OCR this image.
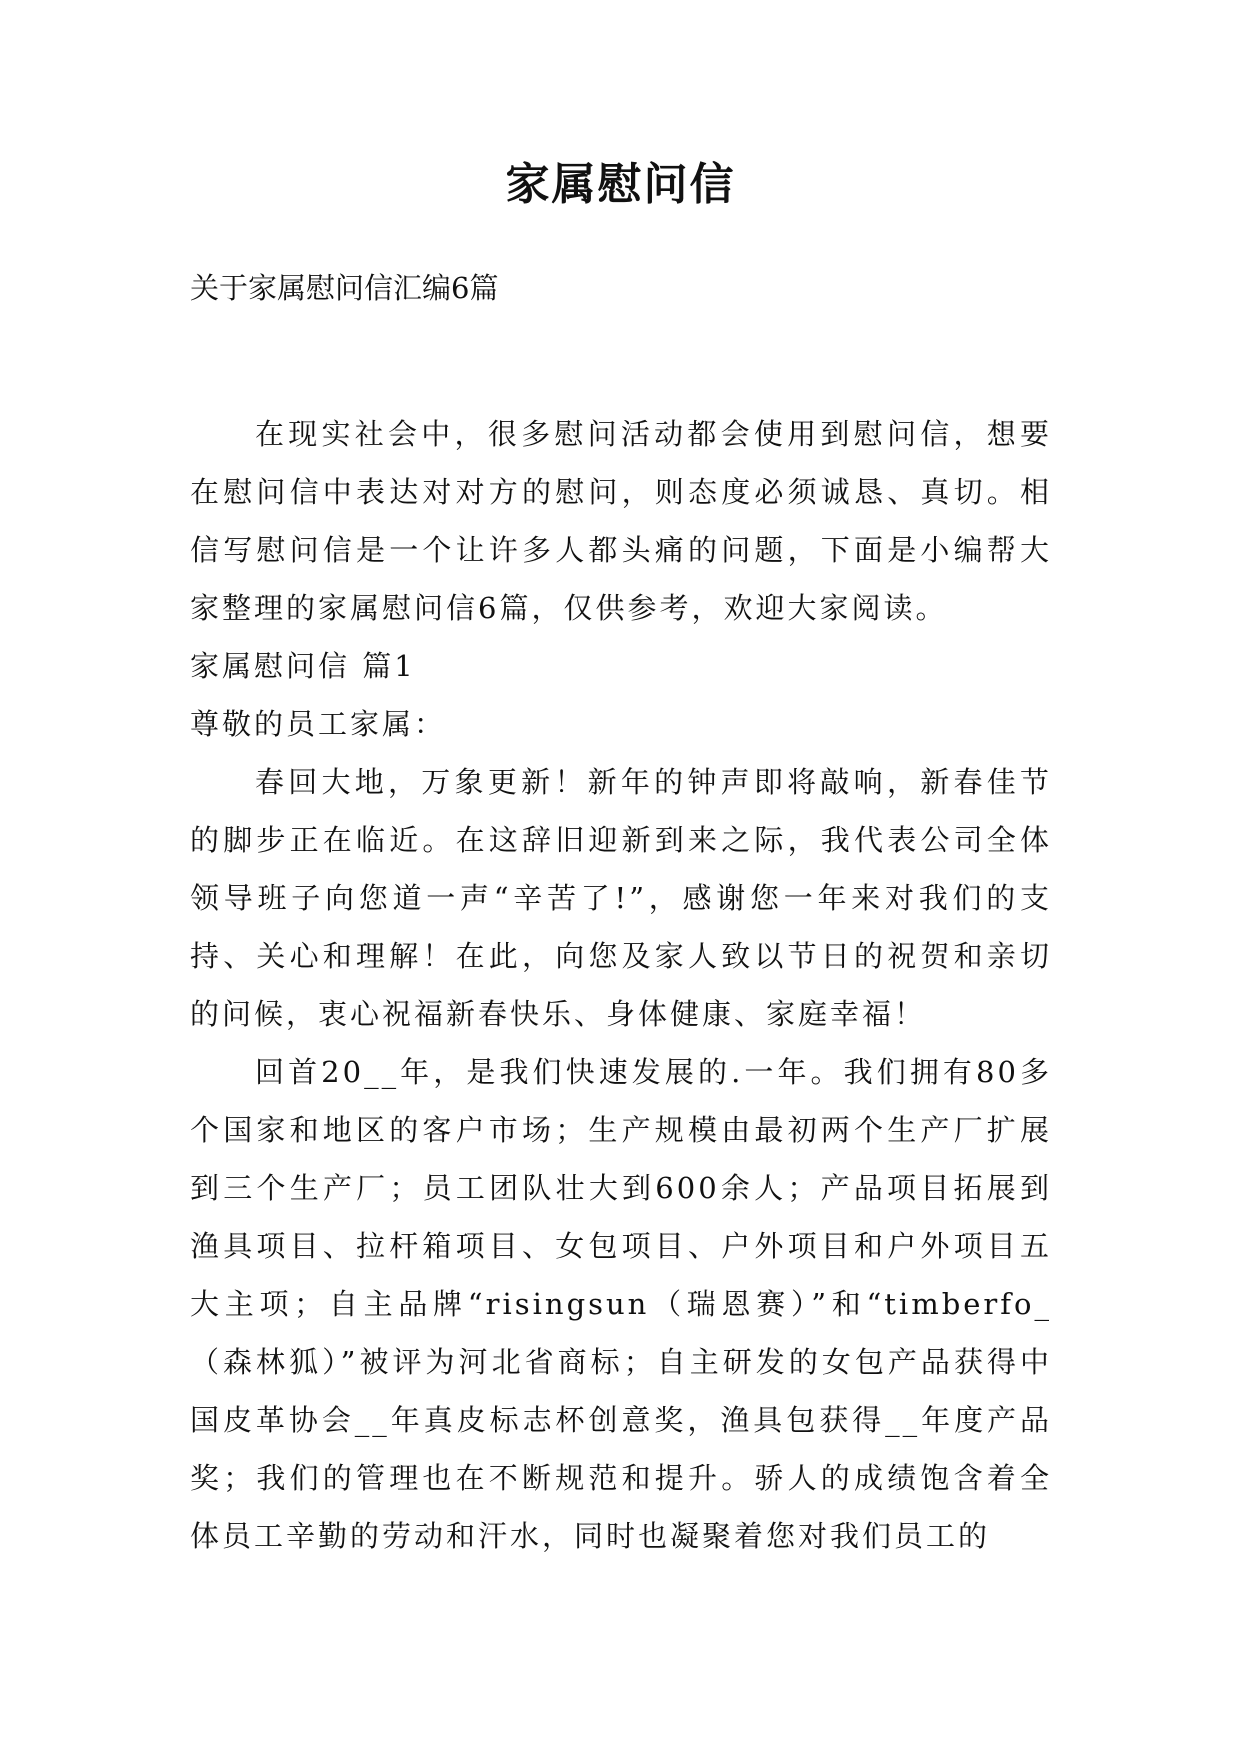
家属慰问信
关于家属慰问信汇编6篇

在现实社会中，很多慰问活动都会使用到慰问信，想要在慰问信中表达对对方的慰问，则态度必须诚恳、真切。相信写慰问信是一个让许多人都头痛的问题，下面是小编帮大家整理的家属慰问信6篇，仅供参考，欢迎大家阅读。

家属慰问信 篇1

尊敬的员工家属：

春回大地，万象更新！新年的钟声即将敲响，新春佳节的脚步正在临近。在这辞旧迎新到来之际，我代表公司全体领导班子向您道一声“辛苦了!”，感谢您一年来对我们的支持、关心和理解！在此，向您及家人致以节日的祝贺和亲切的问候，衷心祝福新春快乐、身体健康、家庭幸福！

回首20__年，是我们快速发展的.一年。我们拥有80多个国家和地区的客户市场；生产规模由最初两个生产厂扩展到三个生产厂；员工团队壮大到600余人；产品项目拓展到渔具项目、拉杆箱项目、女包项目、户外项目和户外项目五大主项；自主品牌“risingsun（瑞恩赛）”和“timberfo_（森林狐）”被评为河北省商标；自主研发的女包产品获得中国皮革协会__年真皮标志杯创意奖，渔具包获得__年度产品奖；我们的管理也在不断规范和提升。骄人的成绩饱含着全体员工辛勤的劳动和汗水，同时也凝聚着您对我们员工的
